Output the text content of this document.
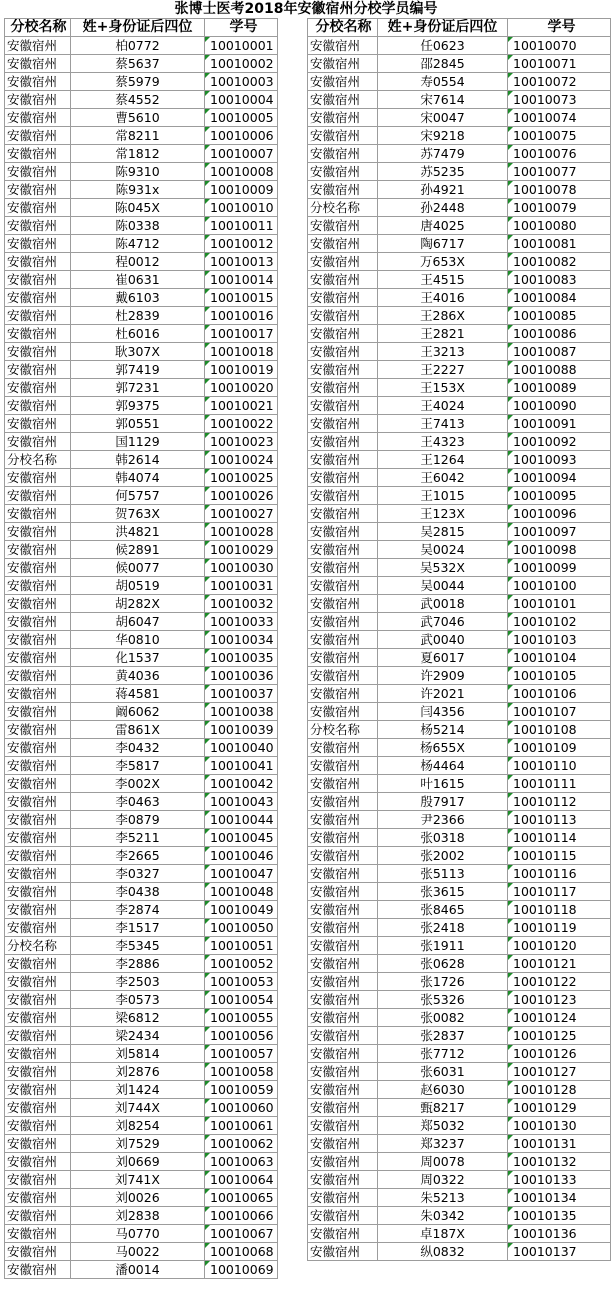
张博士医考2018年安徽宿州分校学员编号
分校名称	姓+身份证后四位	学号		分校名称	姓+身份证后四位	学号
安徽宿州	柏0772	10010001		安徽宿州	任0623	10010070
安徽宿州	蔡5637	10010002		安徽宿州	邵2845	10010071
安徽宿州	蔡5979	10010003		安徽宿州	寿0554	10010072
安徽宿州	蔡4552	10010004		安徽宿州	宋7614	10010073
安徽宿州	曹5610	10010005		安徽宿州	宋0047	10010074
安徽宿州	常8211	10010006		安徽宿州	宋9218	10010075
安徽宿州	常1812	10010007		安徽宿州	苏7479	10010076
安徽宿州	陈9310	10010008		安徽宿州	苏5235	10010077
安徽宿州	陈931x	10010009		安徽宿州	孙4921	10010078
安徽宿州	陈045X	10010010		分校名称	孙2448	10010079
安徽宿州	陈0338	10010011		安徽宿州	唐4025	10010080
安徽宿州	陈4712	10010012		安徽宿州	陶6717	10010081
安徽宿州	程0012	10010013		安徽宿州	万653X	10010082
安徽宿州	崔0631	10010014		安徽宿州	王4515	10010083
安徽宿州	戴6103	10010015		安徽宿州	王4016	10010084
安徽宿州	杜2839	10010016		安徽宿州	王286X	10010085
安徽宿州	杜6016	10010017		安徽宿州	王2821	10010086
安徽宿州	耿307X	10010018		安徽宿州	王3213	10010087
安徽宿州	郭7419	10010019		安徽宿州	王2227	10010088
安徽宿州	郭7231	10010020		安徽宿州	王153X	10010089
安徽宿州	郭9375	10010021		安徽宿州	王4024	10010090
安徽宿州	郭0551	10010022		安徽宿州	王7413	10010091
安徽宿州	国1129	10010023		安徽宿州	王4323	10010092
分校名称	韩2614	10010024		安徽宿州	王1264	10010093
安徽宿州	韩4074	10010025		安徽宿州	王6042	10010094
安徽宿州	何5757	10010026		安徽宿州	王1015	10010095
安徽宿州	贺763X	10010027		安徽宿州	王123X	10010096
安徽宿州	洪4821	10010028		安徽宿州	吴2815	10010097
安徽宿州	候2891	10010029		安徽宿州	吴0024	10010098
安徽宿州	候0077	10010030		安徽宿州	吴532X	10010099
安徽宿州	胡0519	10010031		安徽宿州	吴0044	10010100
安徽宿州	胡282X	10010032		安徽宿州	武0018	10010101
安徽宿州	胡6047	10010033		安徽宿州	武7046	10010102
安徽宿州	华0810	10010034		安徽宿州	武0040	10010103
安徽宿州	化1537	10010035		安徽宿州	夏6017	10010104
安徽宿州	黄4036	10010036		安徽宿州	许2909	10010105
安徽宿州	蒋4581	10010037		安徽宿州	许2021	10010106
安徽宿州	阚6062	10010038		安徽宿州	闫4356	10010107
安徽宿州	雷861X	10010039		分校名称	杨5214	10010108
安徽宿州	李0432	10010040		安徽宿州	杨655X	10010109
安徽宿州	李5817	10010041		安徽宿州	杨4464	10010110
安徽宿州	李002X	10010042		安徽宿州	叶1615	10010111
安徽宿州	李0463	10010043		安徽宿州	殷7917	10010112
安徽宿州	李0879	10010044		安徽宿州	尹2366	10010113
安徽宿州	李5211	10010045		安徽宿州	张0318	10010114
安徽宿州	李2665	10010046		安徽宿州	张2002	10010115
安徽宿州	李0327	10010047		安徽宿州	张5113	10010116
安徽宿州	李0438	10010048		安徽宿州	张3615	10010117
安徽宿州	李2874	10010049		安徽宿州	张8465	10010118
安徽宿州	李1517	10010050		安徽宿州	张2418	10010119
分校名称	李5345	10010051		安徽宿州	张1911	10010120
安徽宿州	李2886	10010052		安徽宿州	张0628	10010121
安徽宿州	李2503	10010053		安徽宿州	张1726	10010122
安徽宿州	李0573	10010054		安徽宿州	张5326	10010123
安徽宿州	梁6812	10010055		安徽宿州	张0082	10010124
安徽宿州	梁2434	10010056		安徽宿州	张2837	10010125
安徽宿州	刘5814	10010057		安徽宿州	张7712	10010126
安徽宿州	刘2876	10010058		安徽宿州	张6031	10010127
安徽宿州	刘1424	10010059		安徽宿州	赵6030	10010128
安徽宿州	刘744X	10010060		安徽宿州	甄8217	10010129
安徽宿州	刘8254	10010061		安徽宿州	郑5032	10010130
安徽宿州	刘7529	10010062		安徽宿州	郑3237	10010131
安徽宿州	刘0669	10010063		安徽宿州	周0078	10010132
安徽宿州	刘741X	10010064		安徽宿州	周0322	10010133
安徽宿州	刘0026	10010065		安徽宿州	朱5213	10010134
安徽宿州	刘2838	10010066		安徽宿州	朱0342	10010135
安徽宿州	马0770	10010067		安徽宿州	卓187X	10010136
安徽宿州	马0022	10010068		安徽宿州	纵0832	10010137
安徽宿州	潘0014	10010069				
